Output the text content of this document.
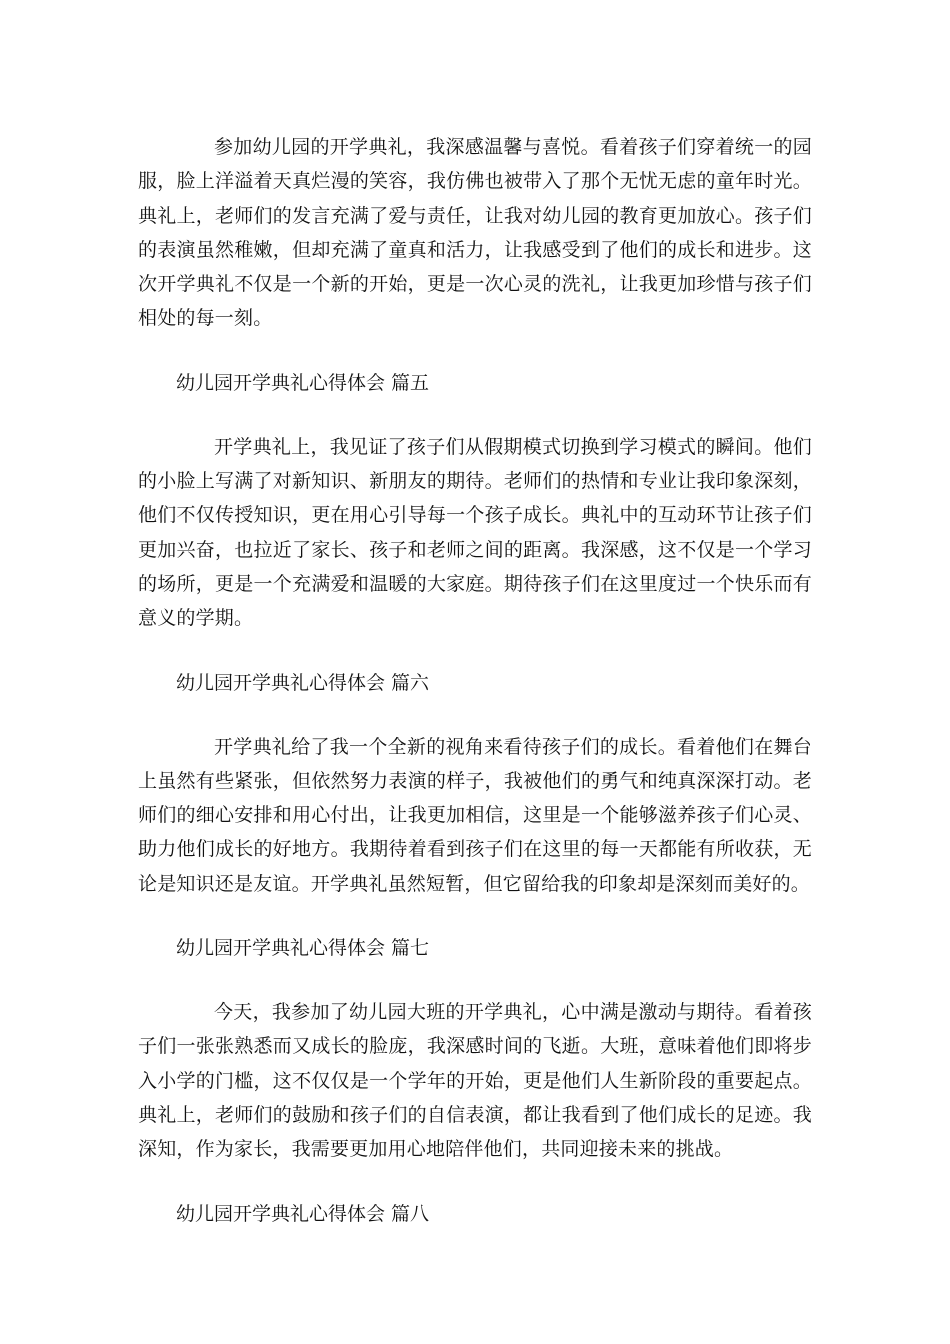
参加幼儿园的开学典礼，我深感温馨与喜悦。看着孩子们穿着统一的园服，脸上洋溢着天真烂漫的笑容，我仿佛也被带入了那个无忧无虑的童年时光。典礼上，老师们的发言充满了爱与责任，让我对幼儿园的教育更加放心。孩子们的表演虽然稚嫩，但却充满了童真和活力，让我感受到了他们的成长和进步。这次开学典礼不仅是一个新的开始，更是一次心灵的洗礼，让我更加珍惜与孩子们相处的每一刻。

幼儿园开学典礼心得体会 篇五

开学典礼上，我见证了孩子们从假期模式切换到学习模式的瞬间。他们的小脸上写满了对新知识、新朋友的期待。老师们的热情和专业让我印象深刻，他们不仅传授知识，更在用心引导每一个孩子成长。典礼中的互动环节让孩子们更加兴奋，也拉近了家长、孩子和老师之间的距离。我深感，这不仅是一个学习的场所，更是一个充满爱和温暖的大家庭。期待孩子们在这里度过一个快乐而有意义的学期。

幼儿园开学典礼心得体会 篇六

开学典礼给了我一个全新的视角来看待孩子们的成长。看着他们在舞台上虽然有些紧张，但依然努力表演的样子，我被他们的勇气和纯真深深打动。老师们的细心安排和用心付出，让我更加相信，这里是一个能够滋养孩子们心灵、助力他们成长的好地方。我期待着看到孩子们在这里的每一天都能有所收获，无论是知识还是友谊。开学典礼虽然短暂，但它留给我的印象却是深刻而美好的。

幼儿园开学典礼心得体会 篇七

今天，我参加了幼儿园大班的开学典礼，心中满是激动与期待。看着孩子们一张张熟悉而又成长的脸庞，我深感时间的飞逝。大班，意味着他们即将步入小学的门槛，这不仅仅是一个学年的开始，更是他们人生新阶段的重要起点。典礼上，老师们的鼓励和孩子们的自信表演，都让我看到了他们成长的足迹。我深知，作为家长，我需要更加用心地陪伴他们，共同迎接未来的挑战。

幼儿园开学典礼心得体会 篇八
